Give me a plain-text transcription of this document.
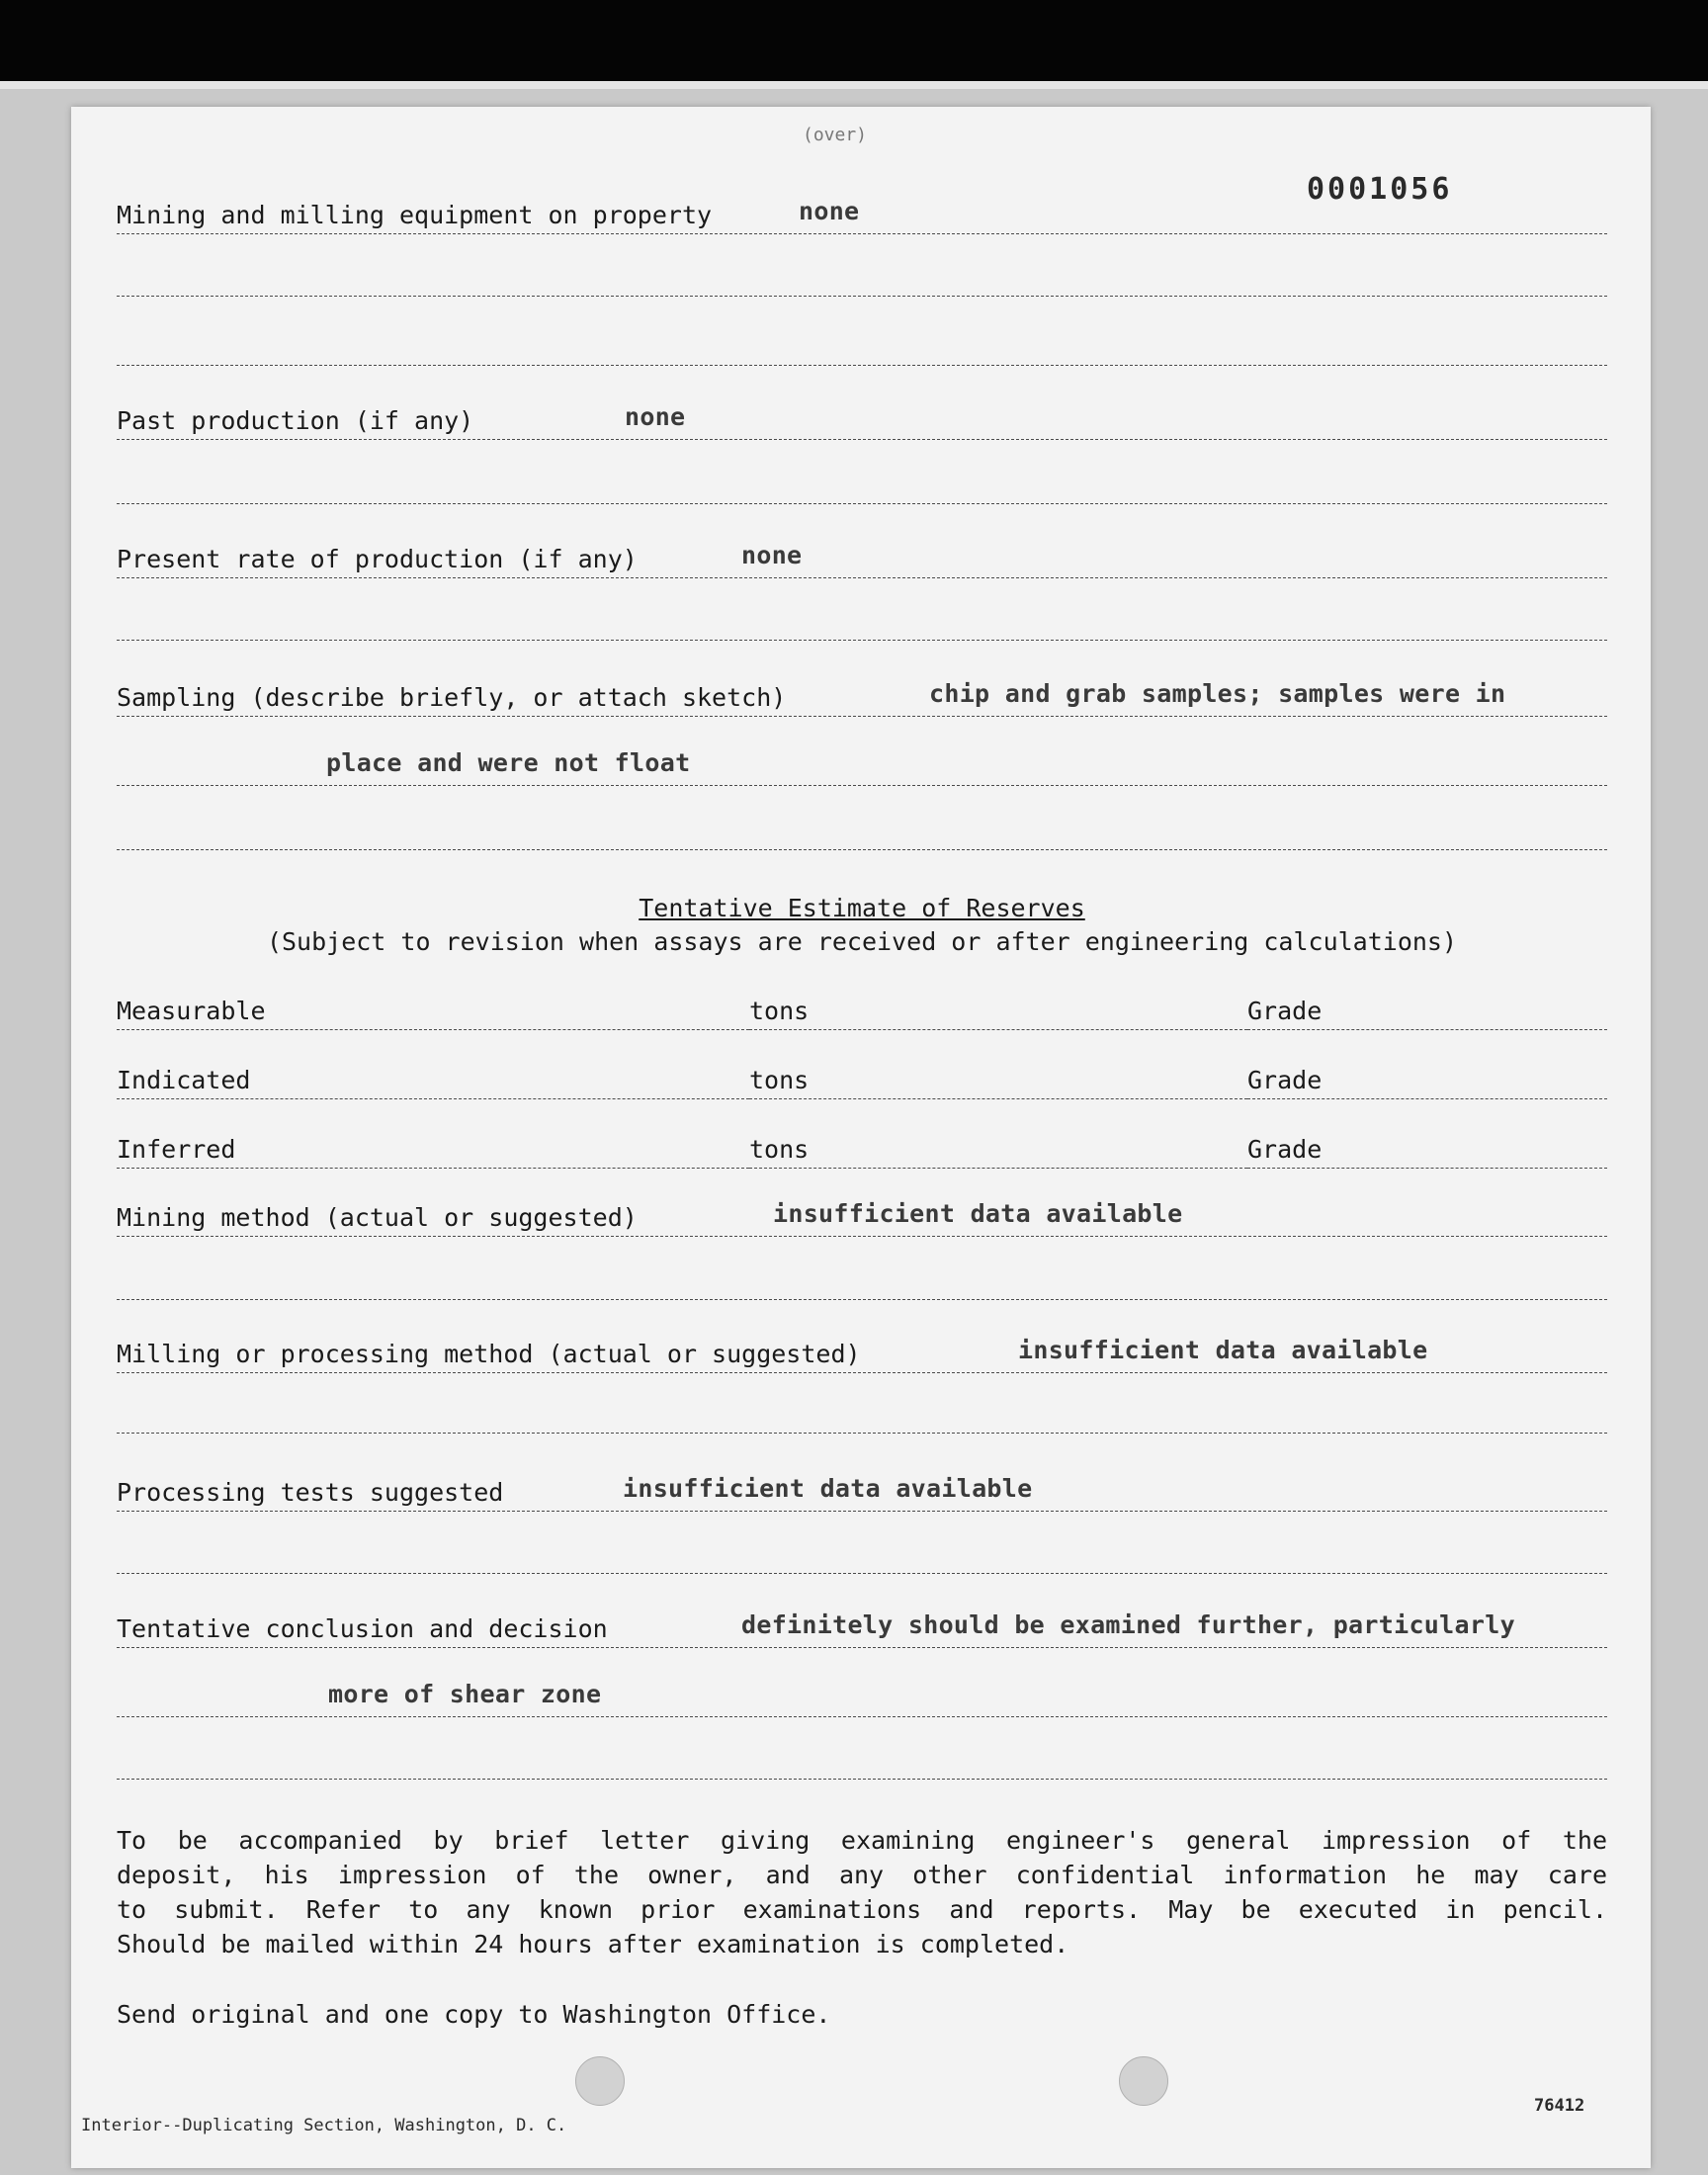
(over)
0001056
Mining and milling equipment on property	none
Past production (if any)	none
Present rate of production (if any)	none
Sampling (describe briefly, or attach sketch)	chip and grab samples; samples were in
place and were not float
Tentative Estimate of Reserves
(Subject to revision when assays are received or after engineering calculations)
Measurable	tons	Grade
Indicated	tons	Grade
Inferred	tons	Grade
Mining method (actual or suggested)	insufficient data available
Milling or processing method (actual or suggested)	insufficient data available
Processing tests suggested	insufficient data available
Tentative conclusion and decision	definitely should be examined further, particularly
more of shear zone
To be accompanied by brief letter giving examining engineer's general impression of the
deposit, his impression of the owner, and any other confidential information he may care
to submit. Refer to any known prior examinations and reports. May be executed in pencil.
Should be mailed within 24 hours after examination is completed.
Send original and one copy to Washington Office.
Interior--Duplicating Section, Washington, D. C.
76412
